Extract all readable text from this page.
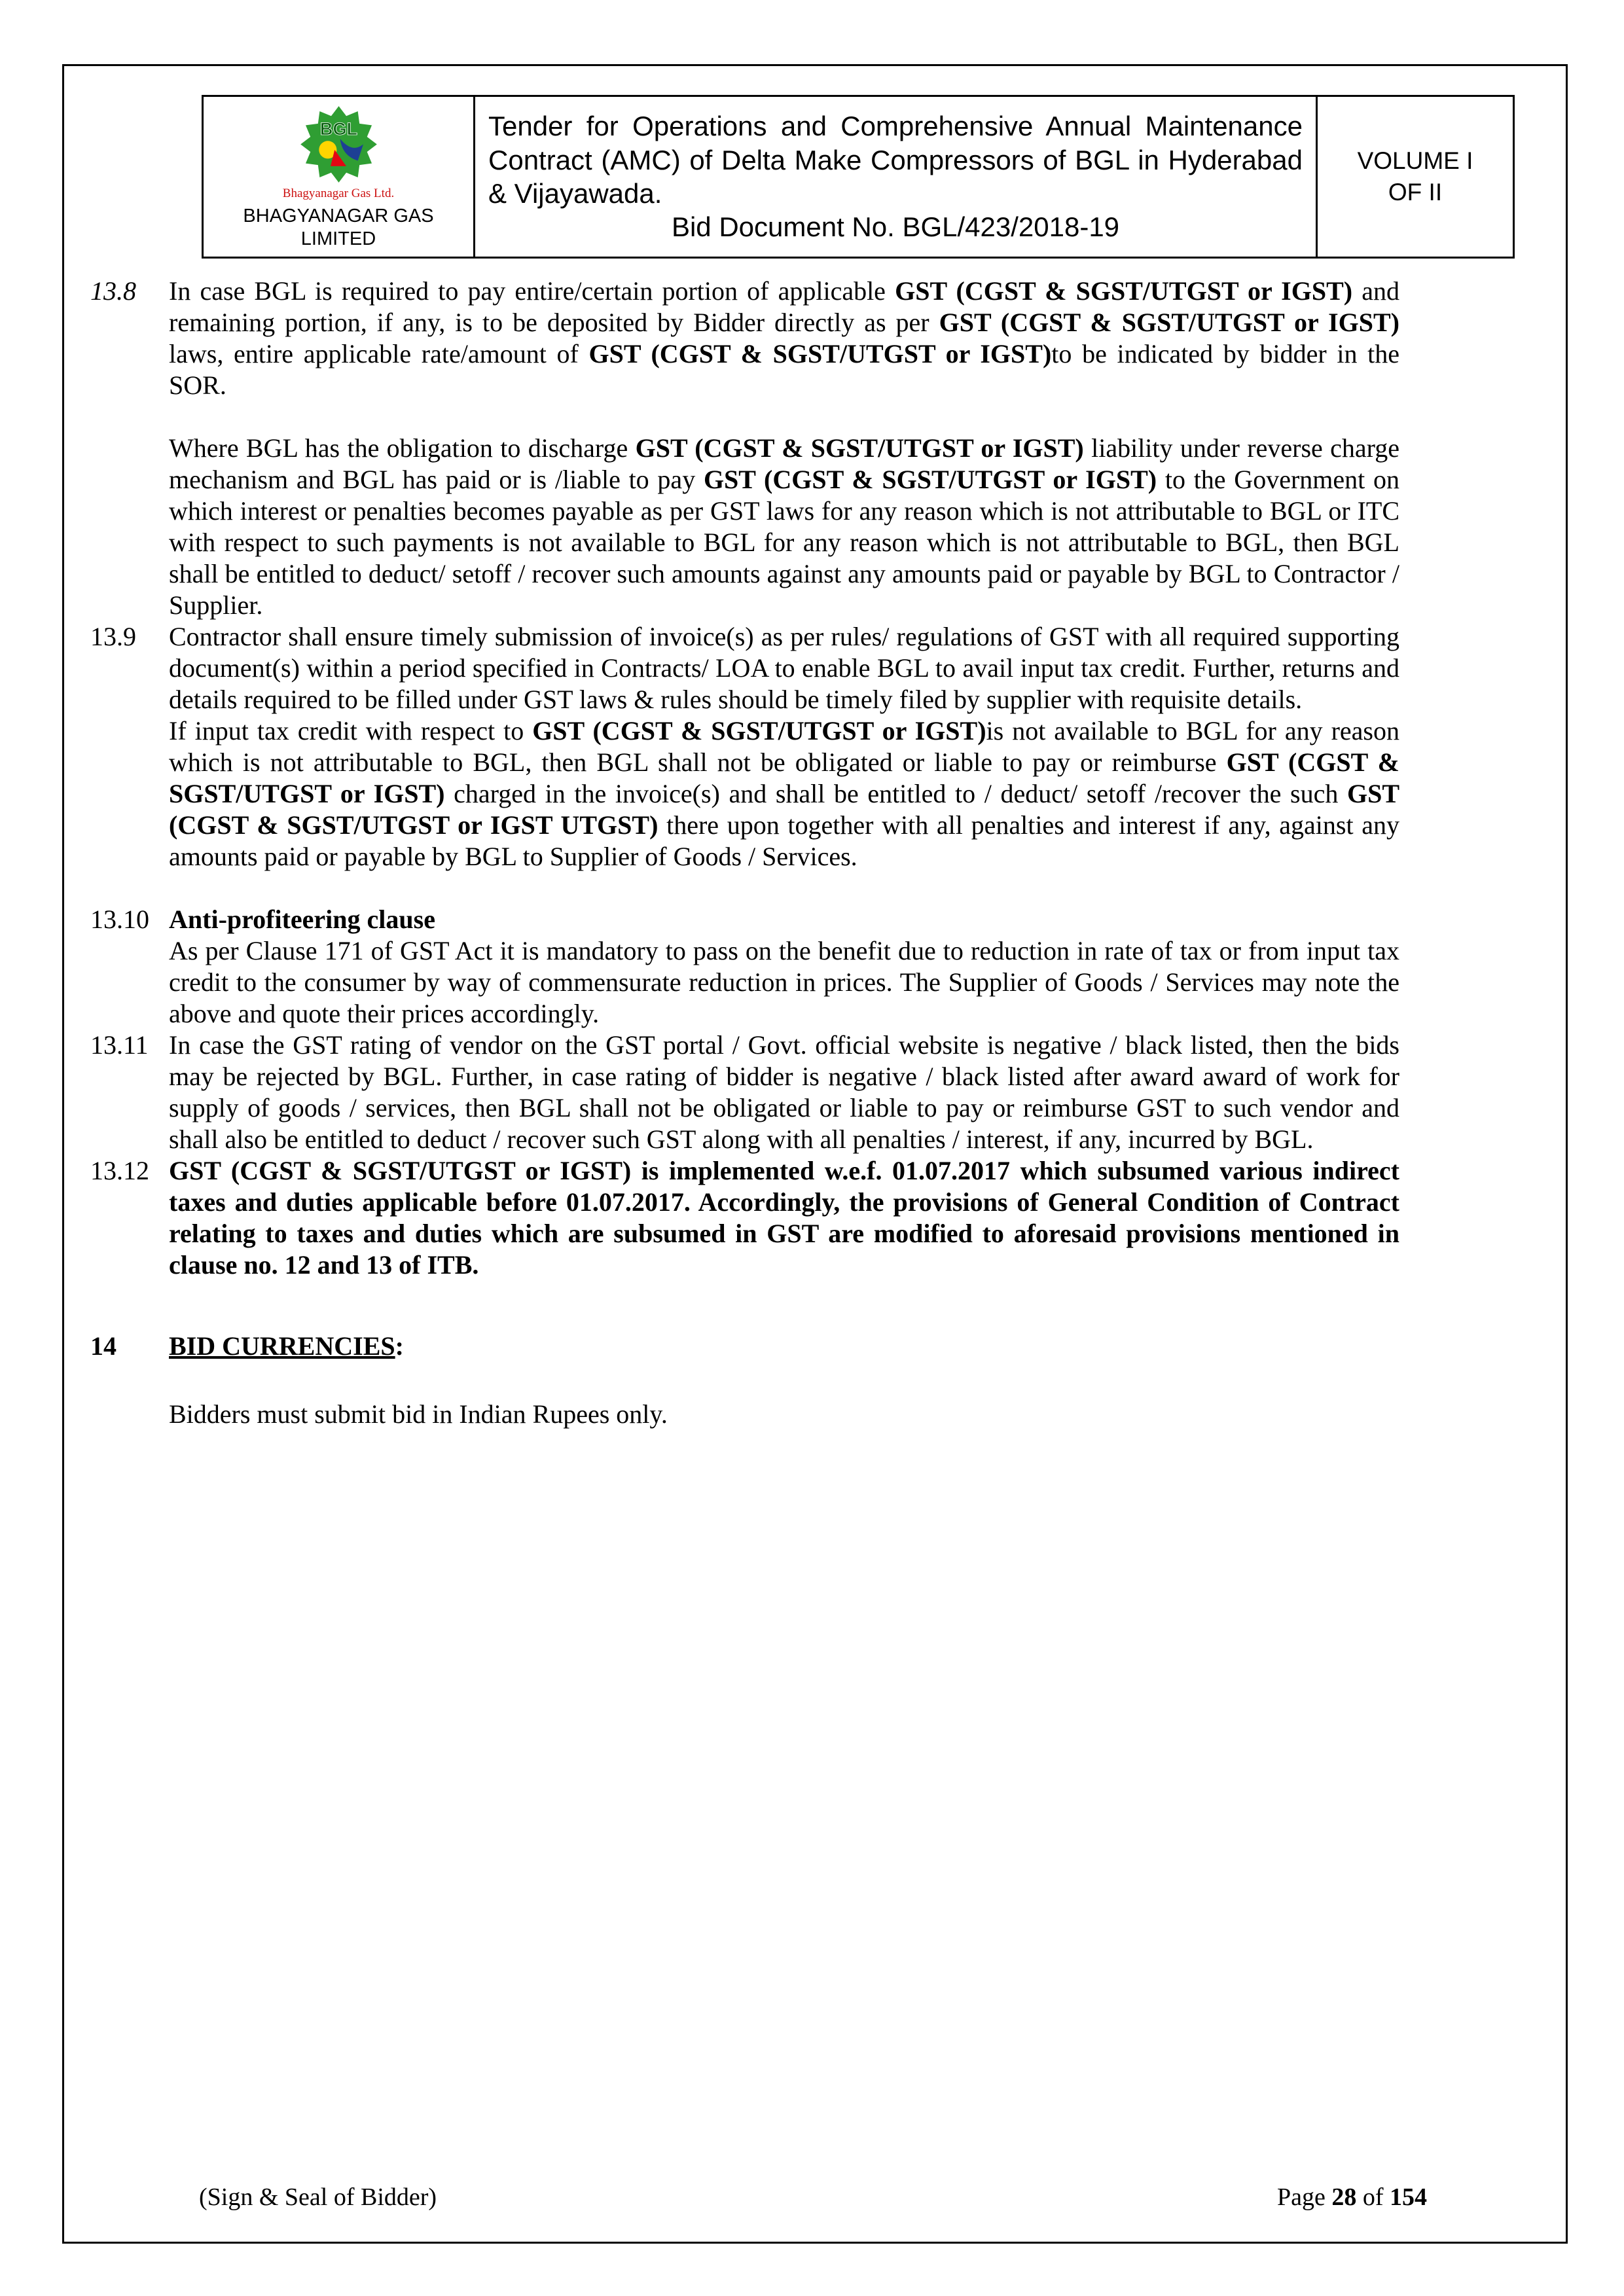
BGL
Bhagyanagar Gas Ltd.
BHAGYANAGAR GAS LIMITED

Tender for Operations and Comprehensive Annual Maintenance Contract (AMC) of Delta Make Compressors of BGL in Hyderabad & Vijayawada.
Bid Document No. BGL/423/2018-19

VOLUME I
OF II
13.8	In case BGL is required to pay entire/certain portion of applicable GST (CGST & SGST/UTGST or IGST) and remaining portion, if any, is to be deposited by Bidder directly as per GST (CGST & SGST/UTGST or IGST) laws, entire applicable rate/amount of GST (CGST & SGST/UTGST or IGST)to be indicated by bidder in the SOR.

Where BGL has the obligation to discharge GST (CGST & SGST/UTGST or IGST) liability under reverse charge mechanism and BGL has paid or is /liable to pay GST (CGST & SGST/UTGST or IGST) to the Government on which interest or penalties becomes payable as per GST laws for any reason which is not attributable to BGL or ITC with respect to such payments is not available to BGL for any reason which is not attributable to BGL, then BGL shall be entitled to deduct/ setoff / recover such amounts against any amounts paid or payable by BGL to Contractor / Supplier.

13.9	Contractor shall ensure timely submission of invoice(s) as per rules/ regulations of GST with all required supporting document(s) within a period specified in Contracts/ LOA to enable BGL to avail input tax credit. Further, returns and details required to be filled under GST laws & rules should be timely filed by supplier with requisite details.

If input tax credit with respect to GST (CGST & SGST/UTGST or IGST)is not available to BGL for any reason which is not attributable to BGL, then BGL shall not be obligated or liable to pay or reimburse GST (CGST & SGST/UTGST or IGST) charged in the invoice(s) and shall be entitled to / deduct/ setoff /recover the such GST (CGST & SGST/UTGST or IGST UTGST) there upon together with all penalties and interest if any, against any amounts paid or payable by BGL to Supplier of Goods / Services.

13.10 Anti-profiteering clause

As per Clause 171 of GST Act it is mandatory to pass on the benefit due to reduction in rate of tax or from input tax credit to the consumer by way of commensurate reduction in prices. The Supplier of Goods / Services may note the above and quote their prices accordingly.

13.11 In case the GST rating of vendor on the GST portal / Govt. official website is negative / black listed, then the bids may be rejected by BGL. Further, in case rating of bidder is negative / black listed after award award of work for supply of goods / services, then BGL shall not be obligated or liable to pay or reimburse GST to such vendor and shall also be entitled to deduct / recover such GST along with all penalties / interest, if any, incurred by BGL.

13.12 GST (CGST & SGST/UTGST or IGST) is implemented w.e.f. 01.07.2017 which subsumed various indirect taxes and duties applicable before 01.07.2017. Accordingly, the provisions of General Condition of Contract relating to taxes and duties which are subsumed in GST are modified to aforesaid provisions mentioned in clause no. 12 and 13 of ITB.

14	BID CURRENCIES:

Bidders must submit bid in Indian Rupees only.

(Sign & Seal of Bidder)	Page 28 of 154
